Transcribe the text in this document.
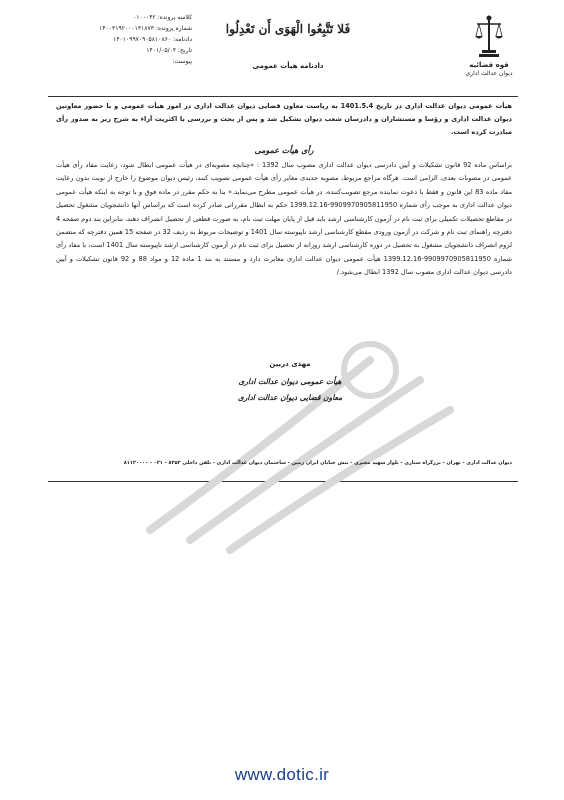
قوه قضائیه
دیوان عدالت اداری
فَلا تَتَّبِعُوا الْهَوَى أَن تَعْدِلُوا
دادنامه هیأت عمومی
کلاسه پرونده: ۰۱۰۰۰۴۲
شماره پرونده: ۱۴۰۰۳۱۹۲۰۰۰۱۳۱۸۷۳
دادنامه: ۱۴۰۱۰۹۹۷۰۹۰۵۸۱۰۸۶۰
تاریخ: ۱۴۰۱/۰۵/۰۴
پیوست:

هیأت عمومی دیوان عدالت اداری در تاریخ 1401.5.4 به ریاست معاون قضایی دیوان عدالت اداری در امور هیأت عمومی و با حضور معاونین دیوان عدالت اداری و رؤسا و مستشاران و دادرسان شعب دیوان تشکیل شد و پس از بحث و بررسی با اکثریت آراء به شرح زیر به صدور رأی مبادرت کرده است.

رأی هیأت عمومی

براساس ماده 92 قانون تشکیلات و آیین دادرسی دیوان عدالت اداری مصوب سال 1392 : «چنانچه مصوبه‌ای در هیأت عمومی ابطال شود، رعایت مفاد رأی هیأت عمومی در مصوبات بعدی، الزامی است. هرگاه مراجع مربوط، مصوبه جدیدی مغایر رأی هیأت عمومی تصویب کنند، رئیس دیوان موضوع را خارج از نوبت بدون رعایت مفاد ماده 83 این قانون و فقط با دعوت نماینده مرجع تصویب‌کننده، در هیأت عمومی مطرح می‌نماید.» بنا به حکم مقرر در ماده فوق و با توجه به اینکه هیأت عمومی دیوان عدالت اداری به موجب رأی شماره 9909970905811950-1399.12.16 حکم به ابطال مقرراتی صادر کرده است که براساس آنها دانشجویان مشغول تحصیل در مقاطع تحصیلات تکمیلی برای ثبت نام در آزمون کارشناسی ارشد باید قبل از پایان مهلت ثبت نام، به صورت قطعی از تحصیل انصراف دهند، بنابراین بند دوم صفحه 4 دفترچه راهنمای ثبت نام و شرکت در آزمون ورودی مقطع کارشناسی ارشد ناپیوسته سال 1401 و توضیحات مربوط به ردیف 32 در صفحه 15 همین دفترچه که متضمن لزوم انصراف دانشجویان مشغول به تحصیل در دوره کارشناسی ارشد روزانه از تحصیل برای ثبت نام در آزمون کارشناسی ارشد ناپیوسته سال 1401 است، با مفاد رأی شماره 9909970905811950-1399.12.16 هیأت عمومی دیوان عدالت اداری مغایرت دارد و مستند به بند 1 ماده 12 و مواد 88 و 92 قانون تشکیلات و آیین دادرسی دیوان عدالت اداری مصوب سال 1392 ابطال می‌شود./

مهدی دربین
هیأت عمومی دیوان عدالت اداری
معاون قضایی دیوان عدالت اداری
دیوان عدالت اداری - تهران - بزرگراه ستاری - بلوار شهید مخبری - نبش خیابان ایران زمین - ساختمان دیوان عدالت اداری - تلفن داخلی ۸۳۵۳ - ۰۲۱ - ۸۱۱۲۰۰۰۰
www.dotic.ir
